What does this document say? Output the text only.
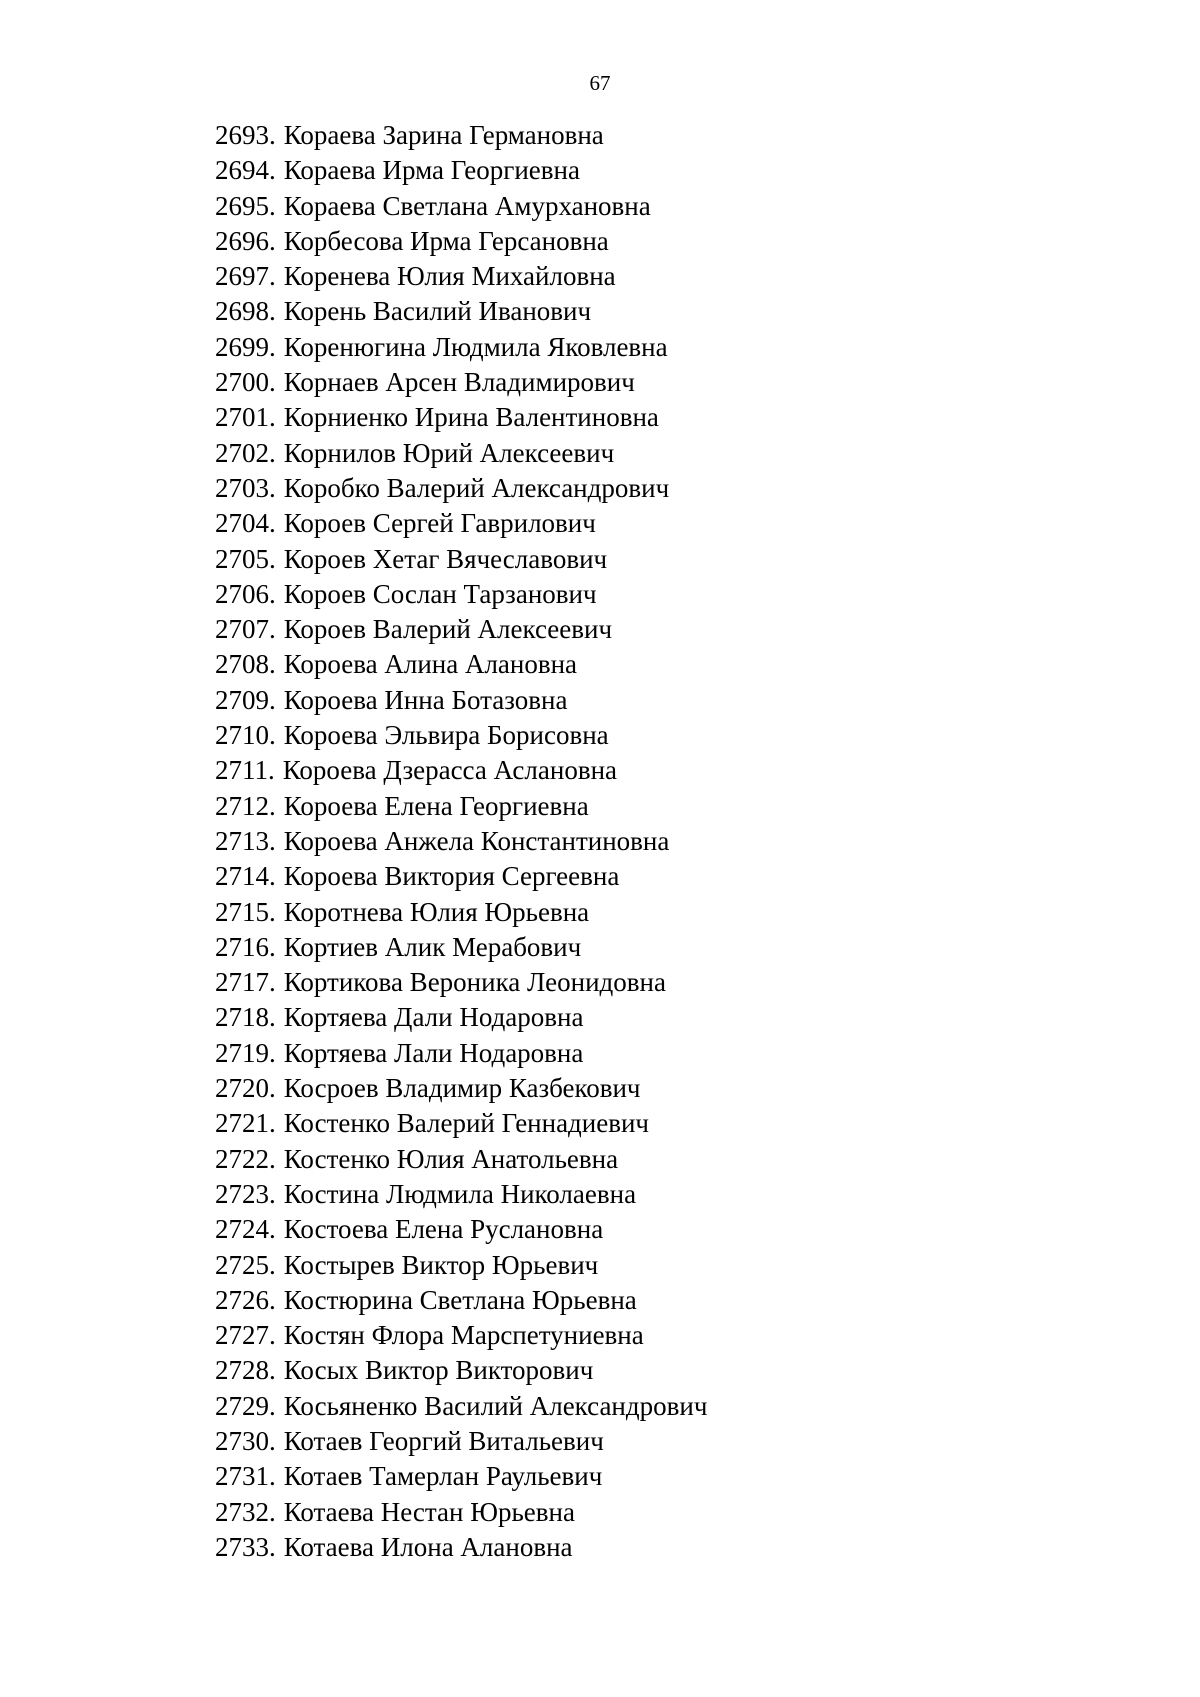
67
2693. Кораева Зарина Германовна
2694. Кораева Ирма Георгиевна
2695. Кораева Светлана Амурхановна
2696. Корбесова Ирма Герсановна
2697. Коренева Юлия Михайловна
2698. Корень Василий Иванович
2699. Коренюгина Людмила Яковлевна
2700. Корнаев Арсен Владимирович
2701. Корниенко Ирина Валентиновна
2702. Корнилов Юрий Алексеевич
2703. Коробко Валерий Александрович
2704. Короев Сергей Гаврилович
2705. Короев Хетаг Вячеславович
2706. Короев Сослан Тарзанович
2707. Короев Валерий Алексеевич
2708. Короева Алина Алановна
2709. Короева Инна Ботазовна
2710. Короева Эльвира Борисовна
2711. Короева Дзерасса Аслановна
2712. Короева Елена Георгиевна
2713. Короева Анжела Константиновна
2714. Короева Виктория Сергеевна
2715. Коротнева Юлия Юрьевна
2716. Кортиев Алик Мерабович
2717. Кортикова Вероника Леонидовна
2718. Кортяева Дали Нодаровна
2719. Кортяева Лали Нодаровна
2720. Косроев Владимир Казбекович
2721. Костенко Валерий Геннадиевич
2722. Костенко Юлия Анатольевна
2723. Костина Людмила Николаевна
2724. Костоева Елена Руслановна
2725. Костырев Виктор Юрьевич
2726. Костюрина Светлана Юрьевна
2727. Костян Флора Марспетуниевна
2728. Косых Виктор Викторович
2729. Косьяненко Василий Александрович
2730. Котаев Георгий Витальевич
2731. Котаев Тамерлан Раульевич
2732. Котаева Нестан Юрьевна
2733. Котаева Илона Алановна
